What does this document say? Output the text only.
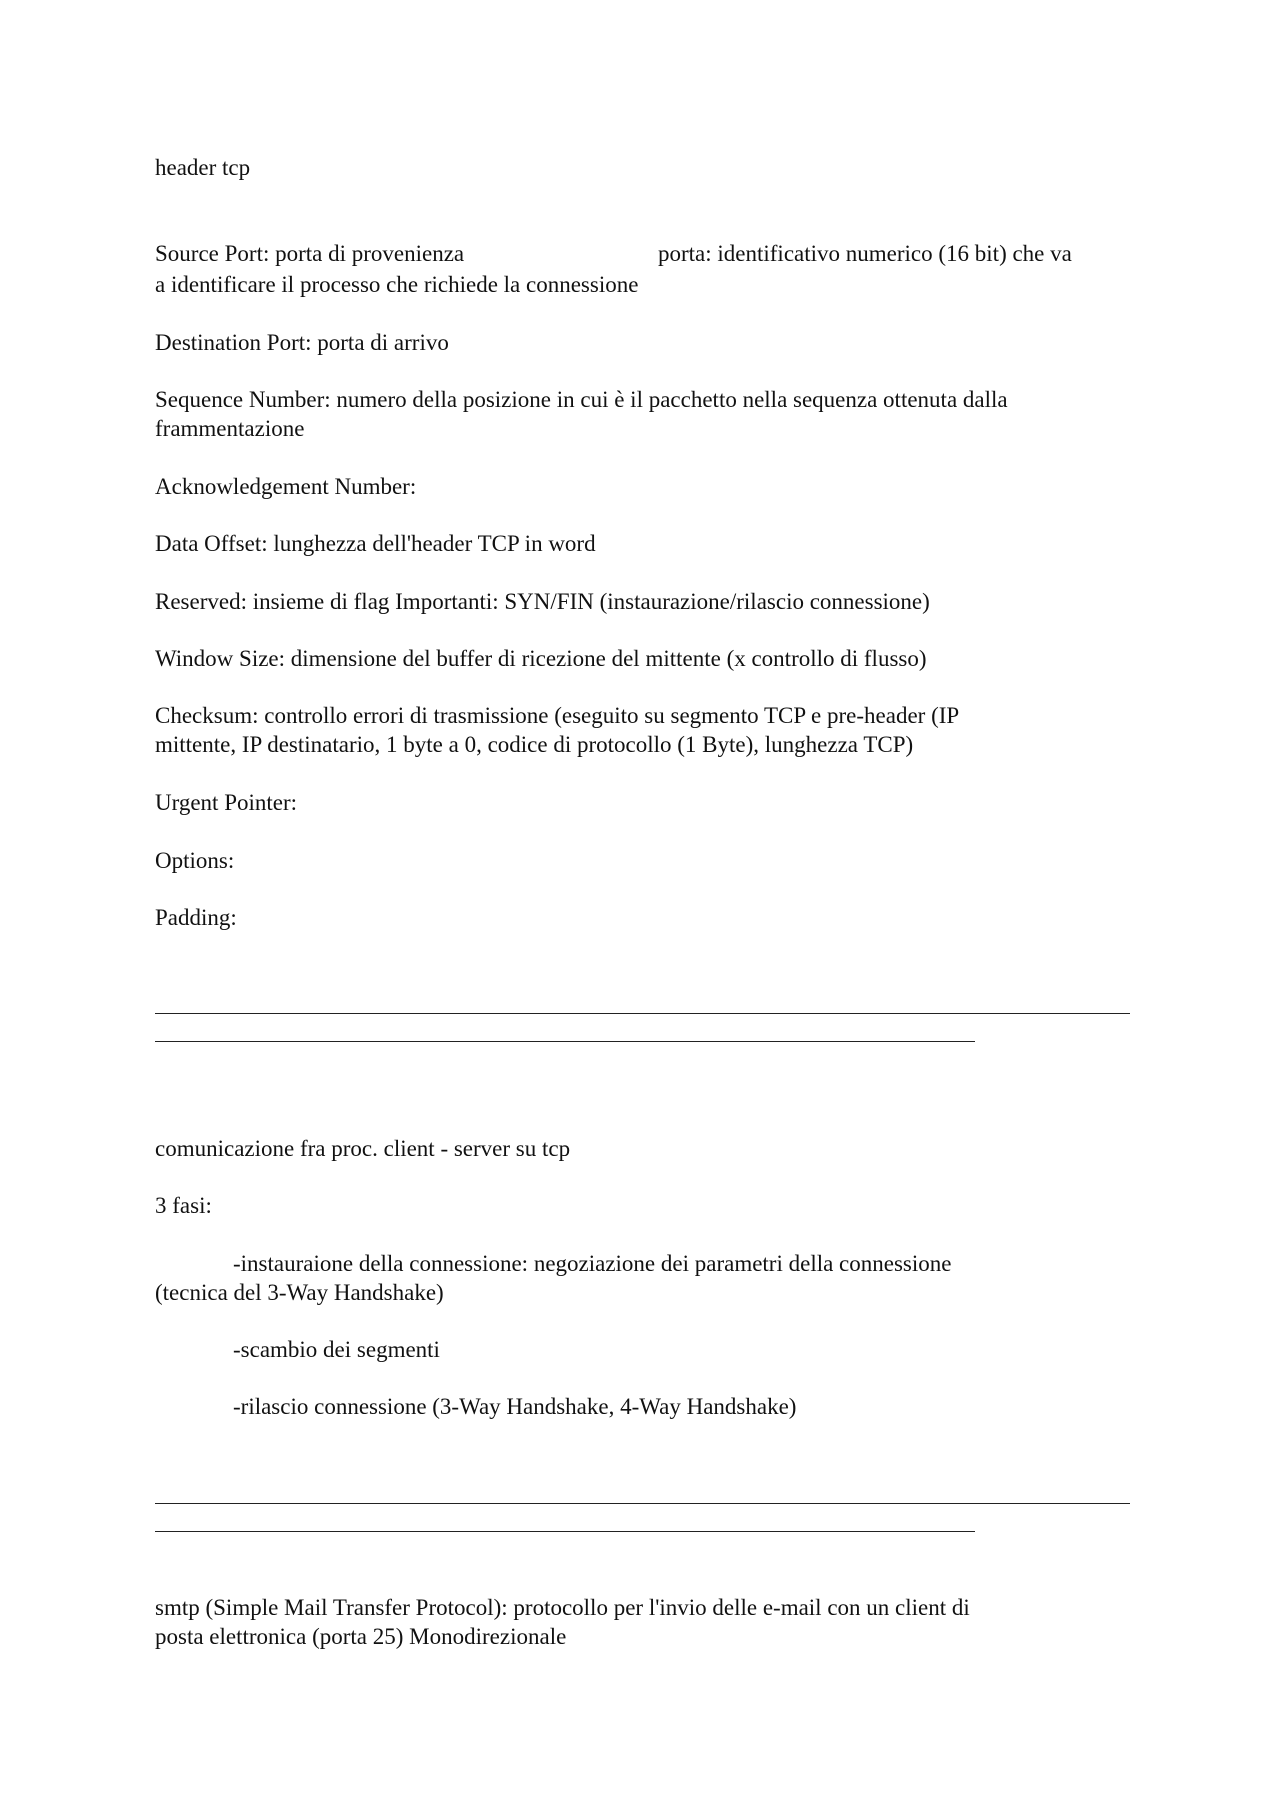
header tcp
Source Port: porta di provenienza	porta: identificativo numerico (16 bit) che va
a identificare il processo che richiede la connessione
Destination Port: porta di arrivo
Sequence Number: numero della posizione in cui è il pacchetto nella sequenza ottenuta dalla
frammentazione
Acknowledgement Number:
Data Offset: lunghezza dell'header TCP in word
Reserved: insieme di flag Importanti: SYN/FIN (instaurazione/rilascio connessione)
Window Size: dimensione del buffer di ricezione del mittente (x controllo di flusso)
Checksum: controllo errori di trasmissione (eseguito su segmento TCP e pre-header (IP
mittente, IP destinatario, 1 byte a 0, codice di protocollo (1 Byte), lunghezza TCP)
Urgent Pointer:
Options:
Padding:
comunicazione fra proc. client - server su tcp
3 fasi:
-instauraione della connessione: negoziazione dei parametri della connessione
(tecnica del 3-Way Handshake)
-scambio dei segmenti
-rilascio connessione (3-Way Handshake, 4-Way Handshake)
smtp (Simple Mail Transfer Protocol): protocollo per l'invio delle e-mail con un client di
posta elettronica (porta 25) Monodirezionale
